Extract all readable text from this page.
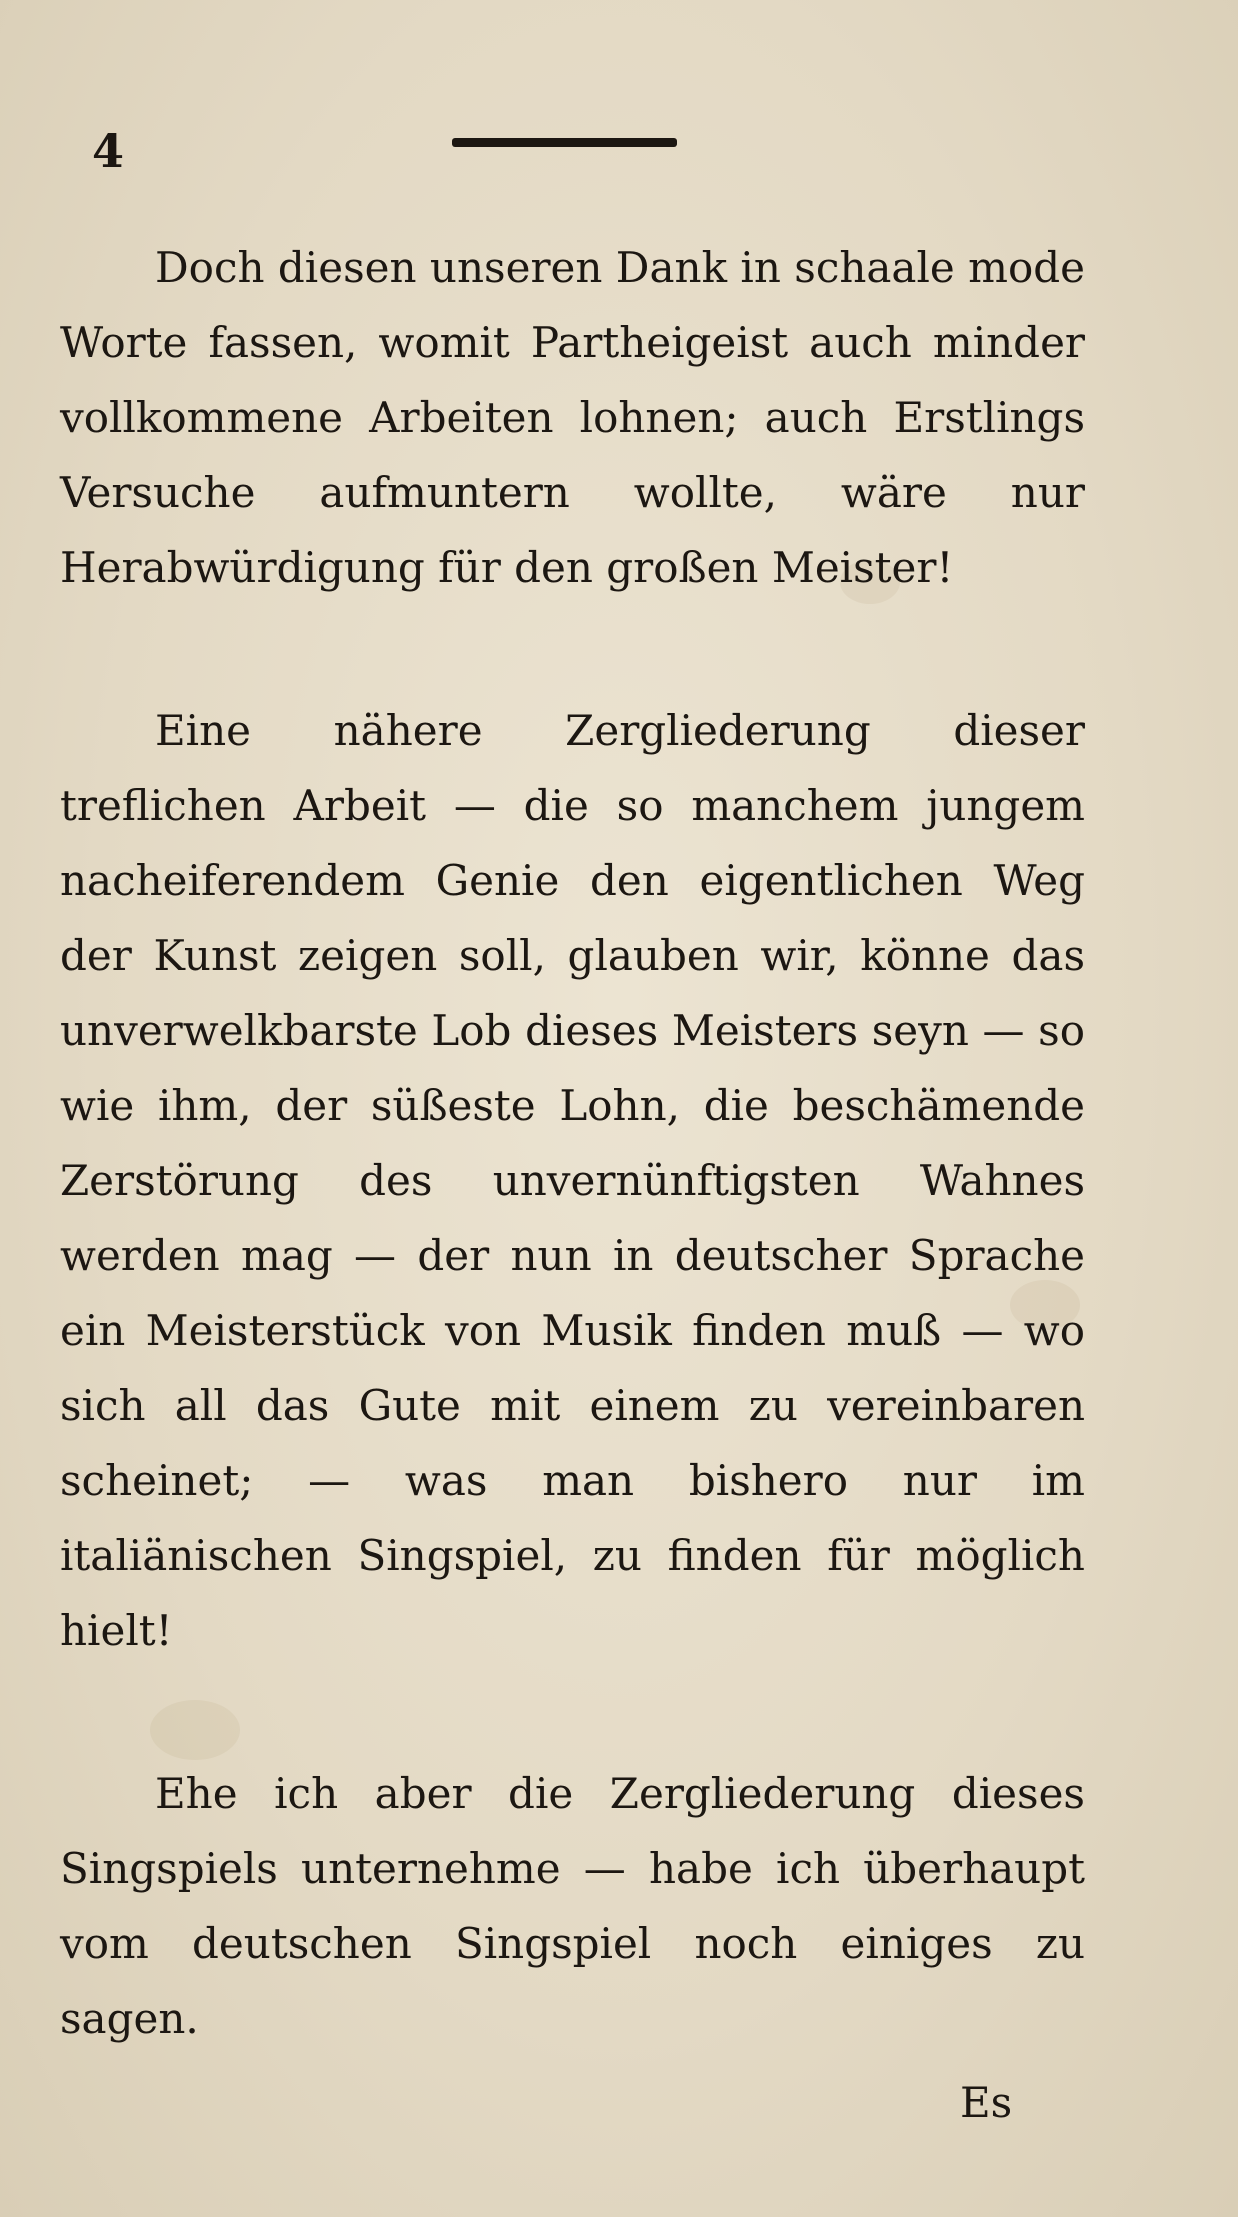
4

Doch diesen unseren Dank in schaale mode Worte fassen, womit Partheigeist auch minder vollkommene Arbeiten lohnen; auch Erstlings Versuche aufmuntern wollte, wäre nur Herabwürdigung für den großen Meister!

Eine nähere Zergliederung dieser treflichen Arbeit — die so manchem jungem nacheiferendem Genie den eigentlichen Weg der Kunst zeigen soll, glauben wir, könne das unverwelkbarste Lob dieses Meisters seyn — so wie ihm, der süßeste Lohn, die beschämende Zerstörung des unvernünftigsten Wahnes werden mag — der nun in deutscher Sprache ein Meisterstück von Musik finden muß — wo sich all das Gute mit einem zu vereinbaren scheinet; — was man bishero nur im italiänischen Singspiel, zu finden für möglich hielt!

Ehe ich aber die Zergliederung dieses Singspiels unternehme — habe ich überhaupt vom deutschen Singspiel noch einiges zu sagen.

Es
